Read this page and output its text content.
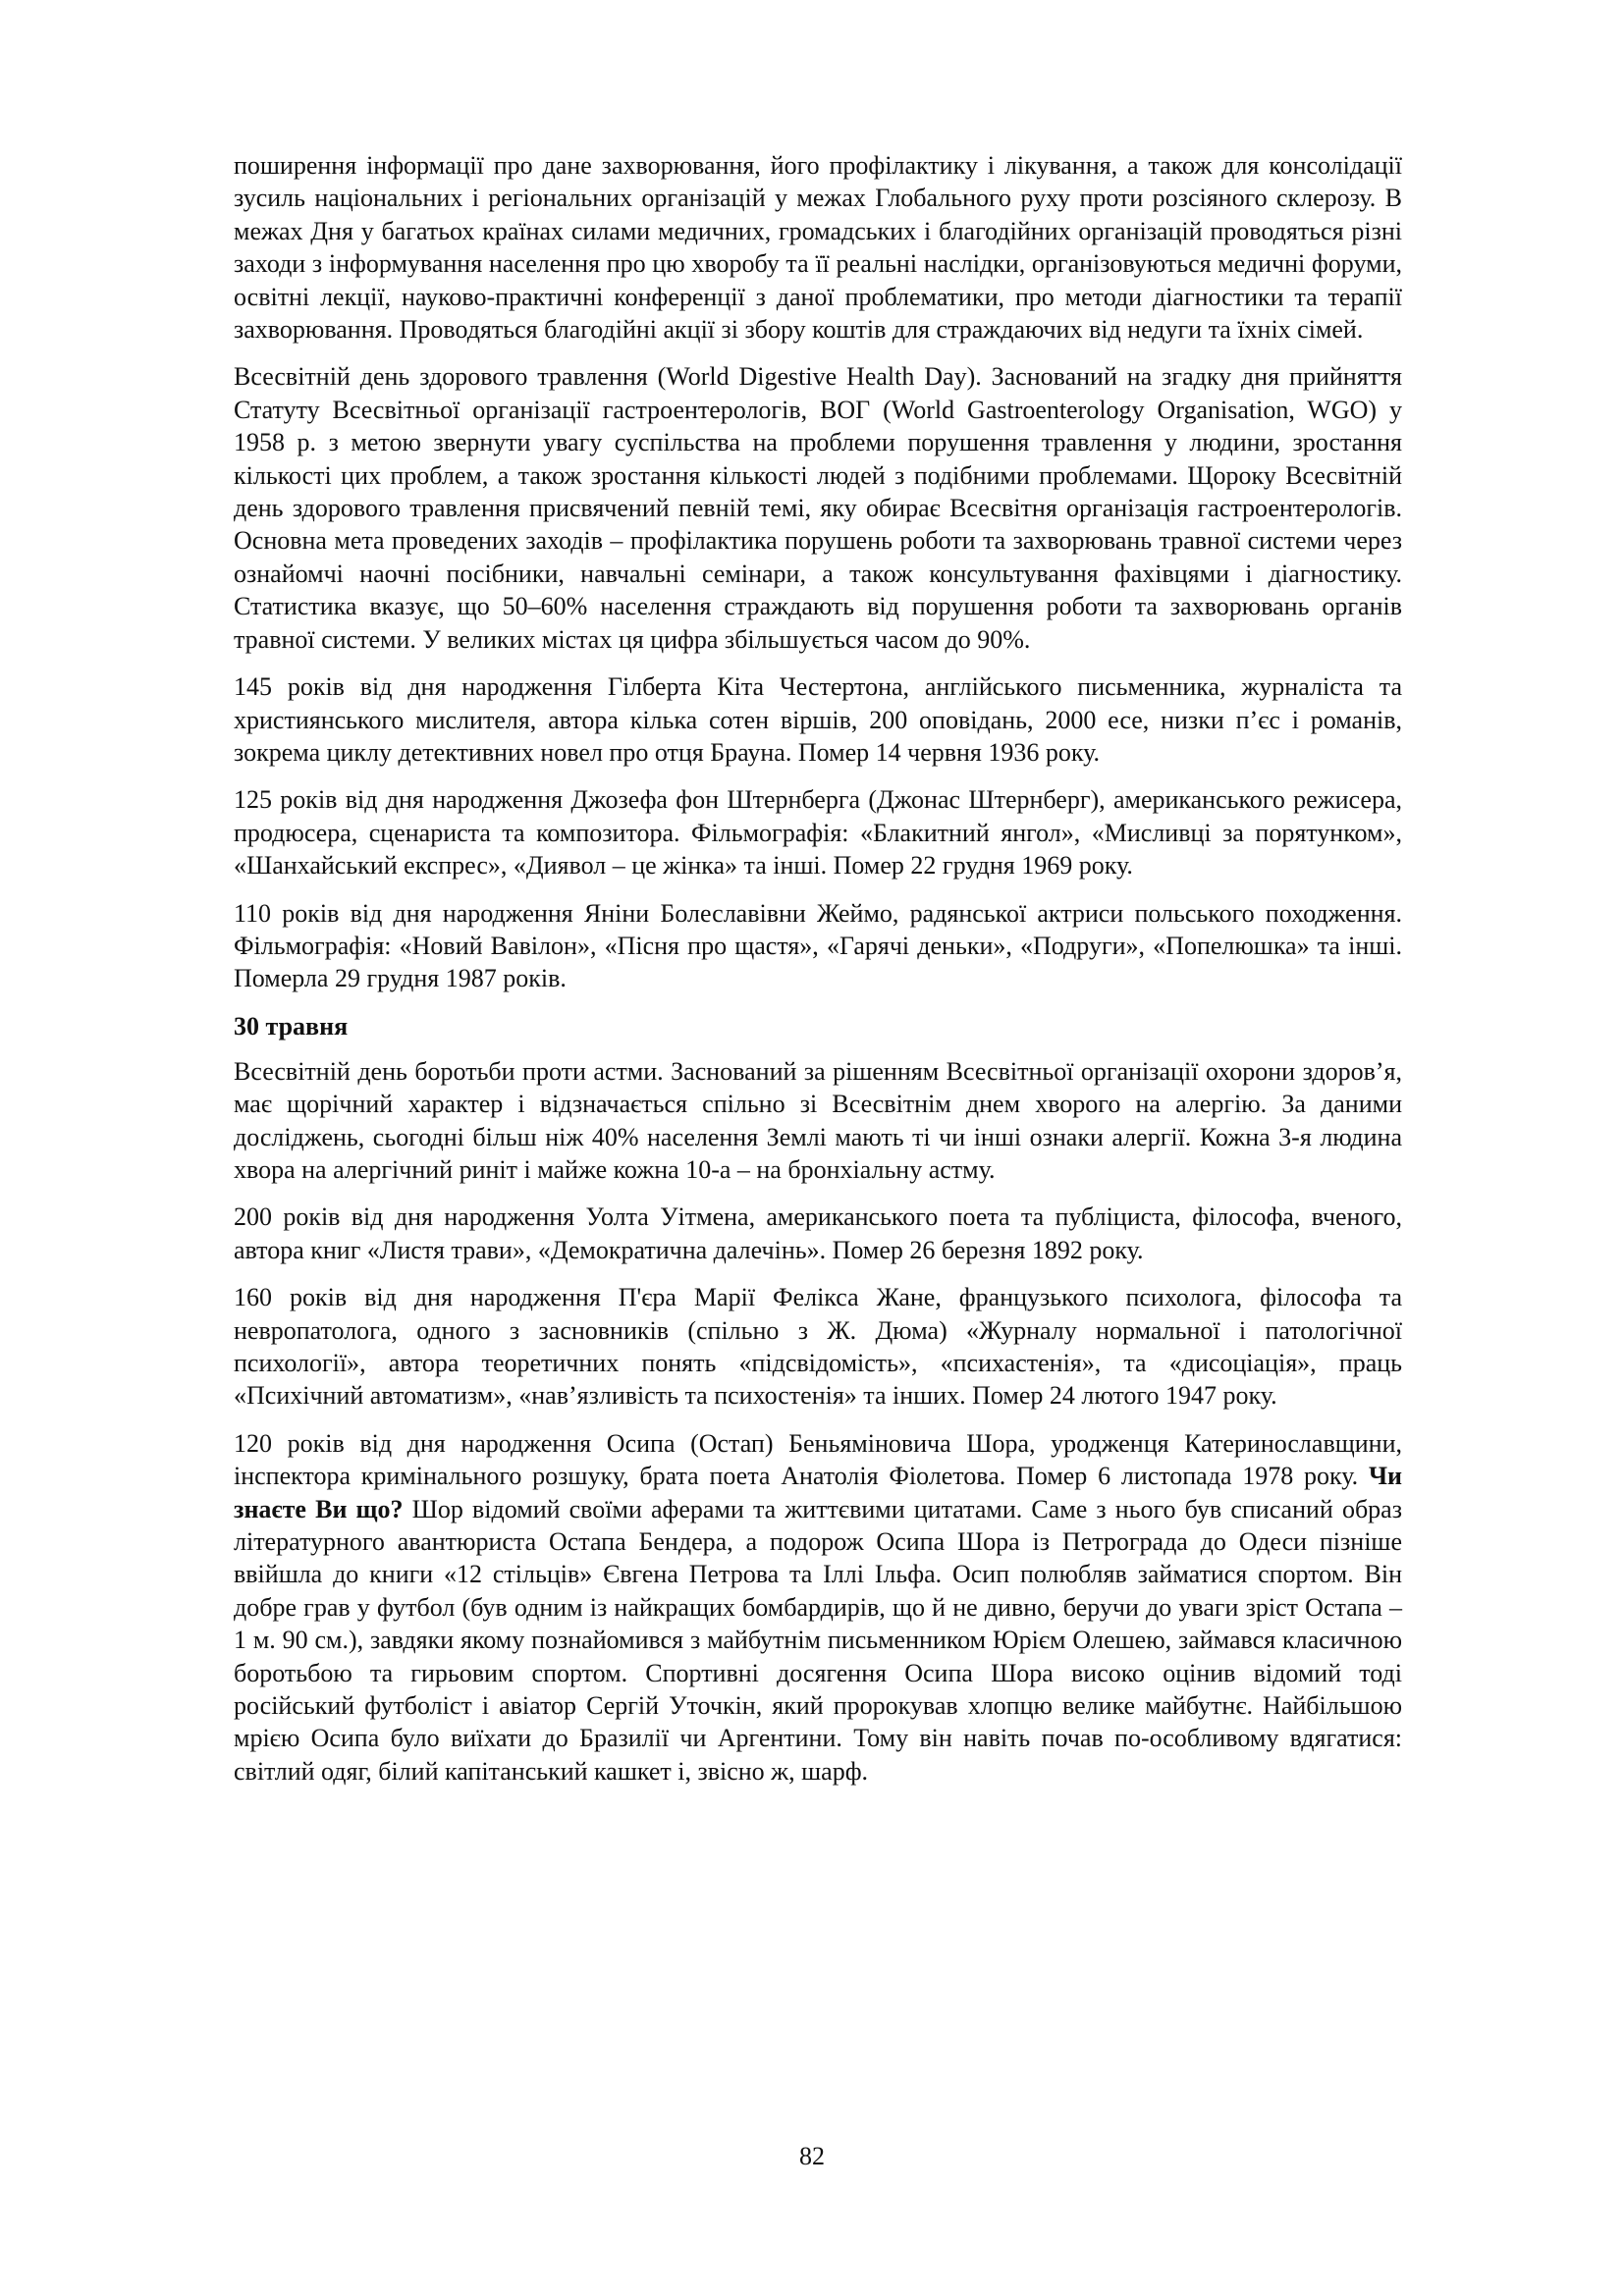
поширення інформації про дане захворювання, його профілактику і лікування, а також для консолідації зусиль національних і регіональних організацій у межах Глобального руху проти розсіяного склерозу. В межах Дня у багатьох країнах силами медичних, громадських і благодійних організацій проводяться різні заходи з інформування населення про цю хворобу та її реальні наслідки, організовуються медичні форуми, освітні лекції, науково-практичні конференції з даної проблематики, про методи діагностики та терапії захворювання. Проводяться благодійні акції зі збору коштів для страждаючих від недуги та їхніх сімей.

Всесвітній день здорового травлення (World Digestive Health Day). Заснований на згадку дня прийняття Статуту Всесвітньої організації гастроентерологів, ВОГ (World Gastroenterology Organisation, WGO) у 1958 р. з метою звернути увагу суспільства на проблеми порушення травлення у людини, зростання кількості цих проблем, а також зростання кількості людей з подібними проблемами. Щороку Всесвітній день здорового травлення присвячений певній темі, яку обирає Всесвітня організація гастроентерологів. Основна мета проведених заходів – профілактика порушень роботи та захворювань травної системи через ознайомчі наочні посібники, навчальні семінари, а також консультування фахівцями і діагностику. Статистика вказує, що 50–60% населення страждають від порушення роботи та захворювань органів травної системи. У великих містах ця цифра збільшується часом до 90%.

145 років від дня народження Гілберта Кіта Честертона, англійського письменника, журналіста та християнського мислителя, автора кілька сотен віршів, 200 оповідань, 2000 есе, низки п’єс і романів, зокрема циклу детективних новел про отця Брауна. Помер 14 червня 1936 року.

125 років від дня народження Джозефа фон Штернберга (Джонас Штернберг), американського режисера, продюсера, сценариста та композитора. Фільмографія: «Блакитний янгол», «Мисливці за порятунком», «Шанхайський експрес», «Диявол – це жінка» та інші. Помер 22 грудня 1969 року.

110 років від дня народження Яніни Болеславівни Жеймо, радянської актриси польського походження. Фільмографія: «Новий Вавілон», «Пісня про щастя», «Гарячі деньки», «Подруги», «Попелюшка» та інші. Померла 29 грудня 1987 років.

30 травня

Всесвітній день боротьби проти астми. Заснований за рішенням Всесвітньої організації охорони здоров’я, має щорічний характер і відзначається спільно зі Всесвітнім днем хворого на алергію. За даними досліджень, сьогодні більш ніж 40% населення Землі мають ті чи інші ознаки алергії. Кожна 3-я людина хвора на алергічний риніт і майже кожна 10-а – на бронхіальну астму.

200 років від дня народження Уолта Уітмена, американського поета та публіциста, філософа, вченого, автора книг «Листя трави», «Демократична далечінь». Помер 26 березня 1892 року.

160 років від дня народження П'єра Марії Фелікса Жане, французького психолога, філософа та невропатолога, одного з засновників (спільно з Ж. Дюма) «Журналу нормальної і патологічної психології», автора теоретичних понять «підсвідомість», «психастенія», та «дисоціація», праць «Психічний автоматизм», «нав’язливість та психостенія» та інших. Помер 24 лютого 1947 року.

120 років від дня народження Осипа (Остап) Беньяміновича Шора, уродженця Катеринославщини, інспектора кримінального розшуку, брата поета Анатолія Фіолетова. Помер 6 листопада 1978 року. Чи знаєте Ви що? Шор відомий своїми аферами та життєвими цитатами. Саме з нього був списаний образ літературного авантюриста Остапа Бендера, а подорож Осипа Шора із Петрограда до Одеси пізніше ввійшла до книги «12 стільців» Євгена Петрова та Іллі Ільфа. Осип полюбляв займатися спортом. Він добре грав у футбол (був одним із найкращих бомбардирів, що й не дивно, беручи до уваги зріст Остапа – 1 м. 90 см.), завдяки якому познайомився з майбутнім письменником Юрієм Олешею, займався класичною боротьбою та гирьовим спортом. Спортивні досягення Осипа Шора високо оцінив відомий тоді російський футболіст і авіатор Сергій Уточкін, який пророкував хлопцю велике майбутнє. Найбільшою мрією Осипа було виїхати до Бразилії чи Аргентини. Тому він навіть почав по-особливому вдягатися: світлий одяг, білий капітанський кашкет і, звісно ж, шарф.

82
